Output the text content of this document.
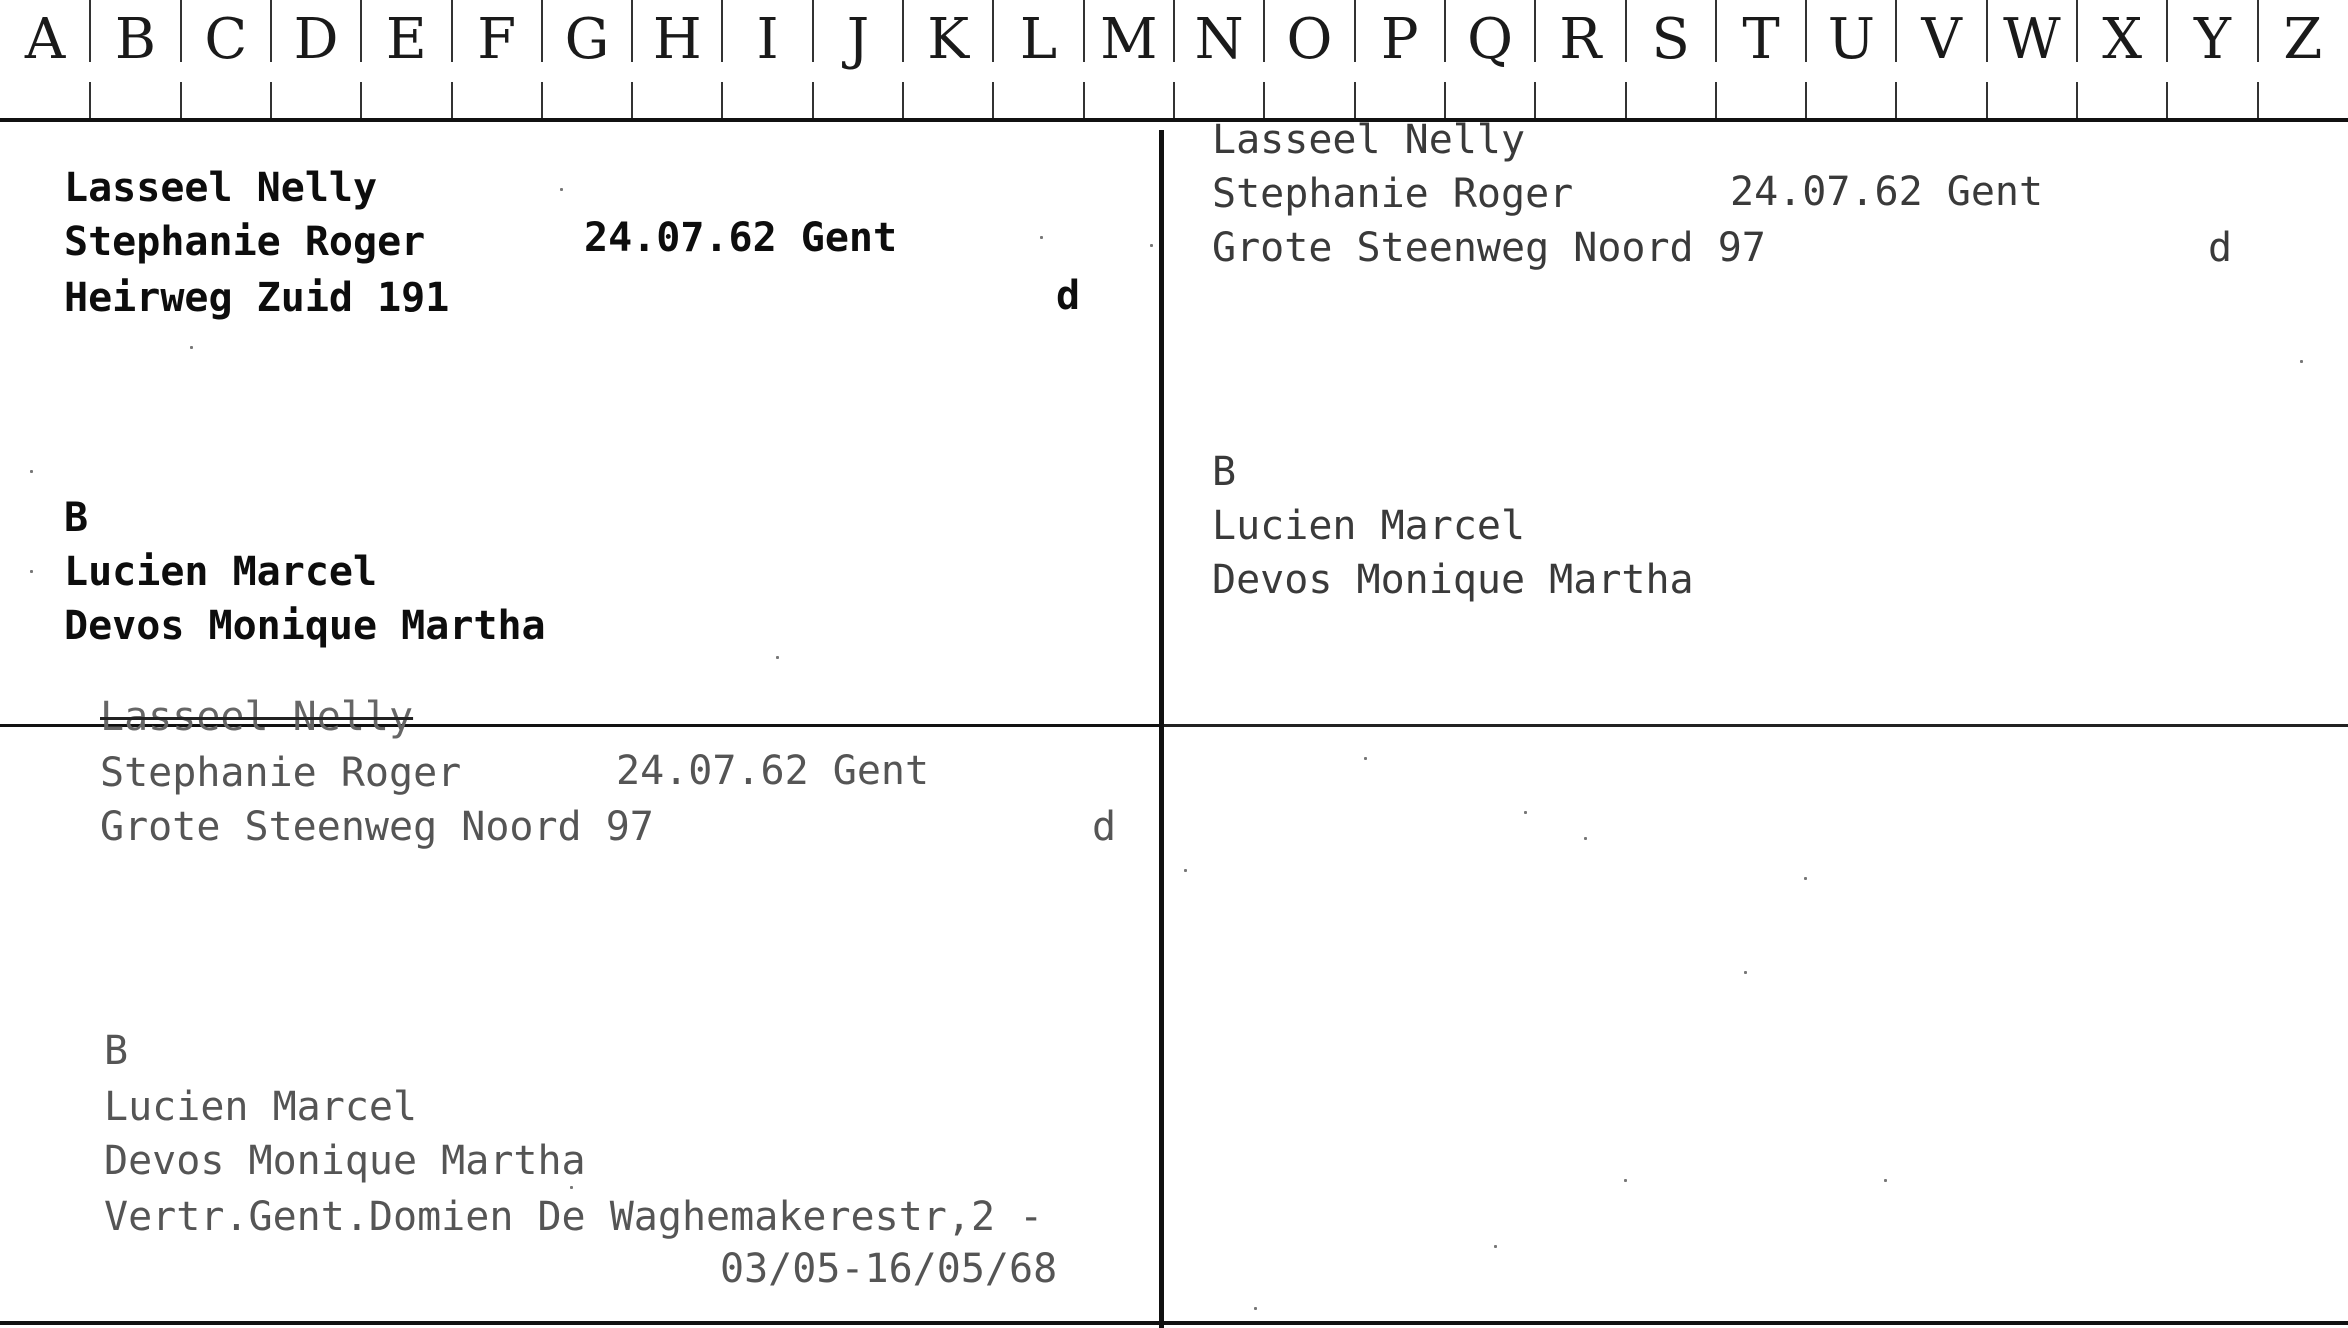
A B C D E F G H I	J	K L M N O P Q R S T U V W X Y Z
Lasseel Nelly
Stephanie Roger	24.07.62 Gent
Heirweg Zuid 191	d
B
Lucien Marcel
Devos Monique Martha
Lasseel Nelly
Stephanie Roger	24.07.62 Gent
Grote Steenweg Noord 97	d
B
Lucien Marcel
Devos Monique Martha
Lasseel Nelly
Stephanie Roger	24.07.62 Gent
Grote Steenweg Noord 97	d
B
Lucien Marcel
Devos Monique Martha
Vertr.Gent.Domien De Waghemakerestr,2 -
03/05-16/05/68
